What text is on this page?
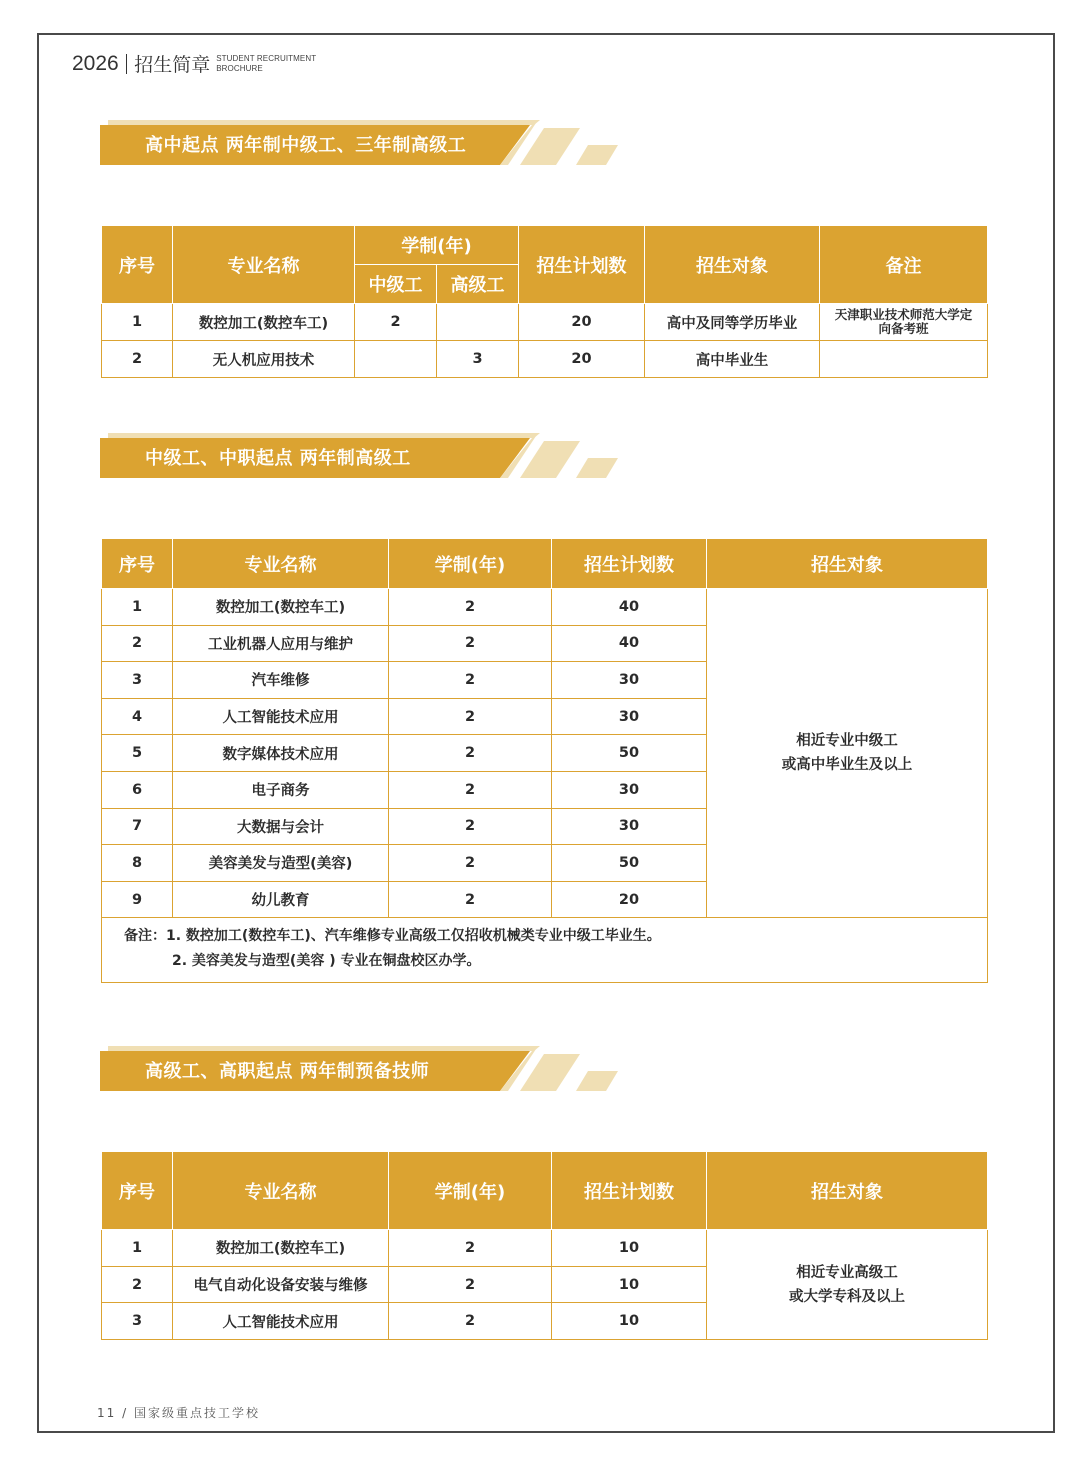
2026 招生简章 STUDENT RECRUITMENT
BROCHURE
高中起点 两年制中级工、三年制高级工
序号	专业名称	学制(年)		招生计划数	招生对象	备注
		中级工	高级工			
1	数控加工(数控车工)	2		20	高中及同等学历毕业	天津职业技术师范大学定向备考班
2	无人机应用技术		3	20	高中毕业生	
中级工、中职起点 两年制高级工
序号	专业名称	学制(年)	招生计划数	招生对象
1	数控加工(数控车工)	2	40	相近专业中级工
或高中毕业生及以上
2	工业机器人应用与维护	2	40	
3	汽车维修	2	30	
4	人工智能技术应用	2	30	
5	数字媒体技术应用	2	50	
6	电子商务	2	30	
7	大数据与会计	2	30	
8	美容美发与造型(美容)	2	50	
9	幼儿教育	2	20	
备注：1. 数控加工(数控车工)、汽车维修专业高级工仅招收机械类专业中级工毕业生。
2. 美容美发与造型(美容 ) 专业在铜盘校区办学。				
高级工、高职起点 两年制预备技师
序号	专业名称	学制(年)	招生计划数	招生对象
1	数控加工(数控车工)	2	10	相近专业高级工
或大学专科及以上
2	电气自动化设备安装与维修	2	10	
3	人工智能技术应用	2	10	
11 / 国家级重点技工学校
